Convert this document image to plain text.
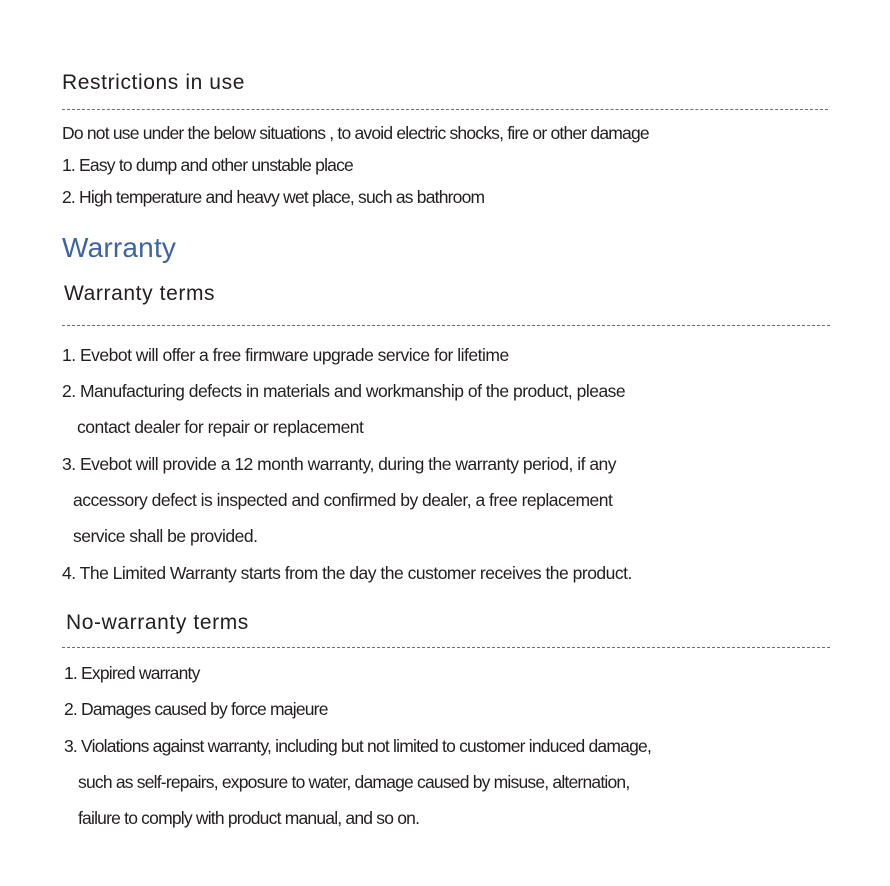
Restrictions in use
Do not use under the below situations , to avoid electric shocks, fire or other damage
1. Easy to dump and other unstable place
2. High temperature and heavy wet place, such as bathroom
Warranty
Warranty terms
1. Evebot will offer a free firmware upgrade service for lifetime
2. Manufacturing defects in materials and workmanship of the product, please
contact dealer for repair or replacement
3. Evebot will provide a 12 month warranty, during the warranty period, if any
accessory defect is inspected and confirmed by dealer, a free replacement
service shall be provided.
4. The Limited Warranty starts from the day the customer receives the product.
No-warranty terms
1. Expired warranty
2. Damages caused by force majeure
3. Violations against warranty, including but not limited to customer induced damage,
such as self-repairs, exposure to water, damage caused by misuse, alternation,
failure to comply with product manual, and so on.
